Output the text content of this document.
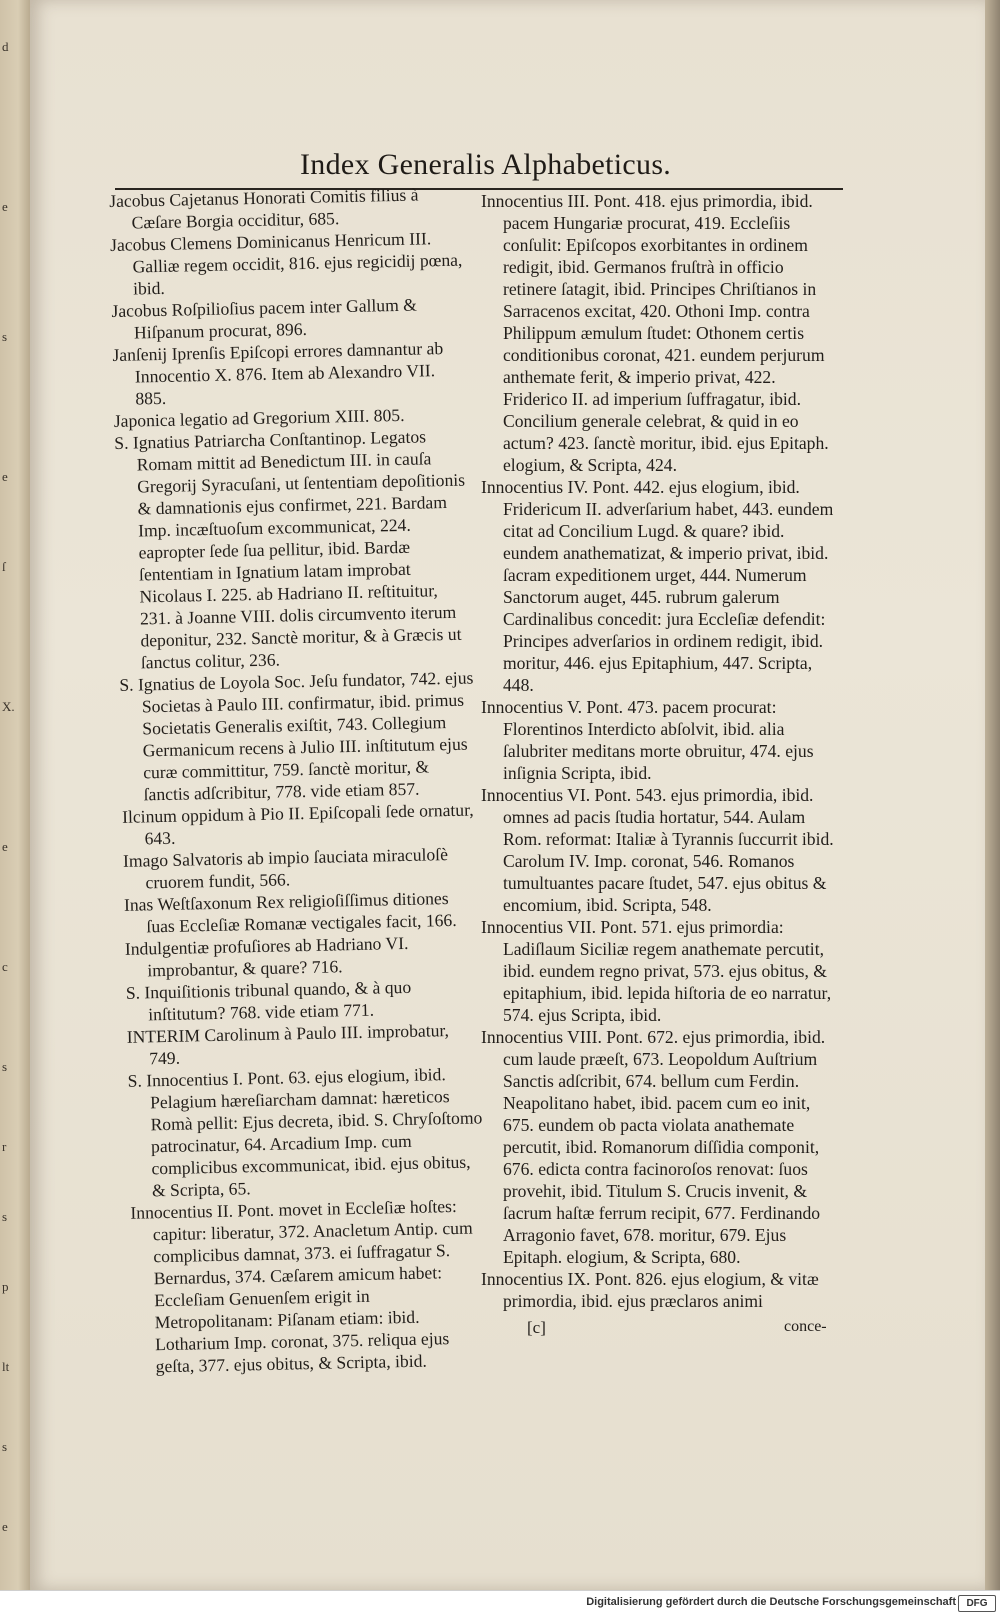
d
e
s
e
ſ
X.
e
c
s
r
s
p
lt
s
e
Index Generalis Alphabeticus.

Jacobus Cajetanus Honorati Comitis filius à Cæſare Borgia occiditur, 685.

Jacobus Clemens Dominicanus Henricum III. Galliæ regem occidit, 816. ejus regicidij pœna, ibid.

Jacobus Roſpilioſius pacem inter Gallum & Hiſpanum procurat, 896.

Janſenij Iprenſis Epiſcopi errores damnantur ab Innocentio X. 876. Item ab Alexandro VII. 885.

Japonica legatio ad Gregorium XIII. 805.

S. Ignatius Patriarcha Conſtantinop. Legatos Romam mittit ad Benedictum III. in cauſa Gregorij Syracuſani, ut ſententiam depoſitionis & damnationis ejus confirmet, 221. Bardam Imp. incæſtuoſum excommunicat, 224. eapropter ſede ſua pellitur, ibid. Bardæ ſententiam in Ignatium latam improbat Nicolaus I. 225. ab Hadriano II. reſtituitur, 231. à Joanne VIII. dolis circumvento iterum deponitur, 232. Sanctè moritur, & à Græcis ut ſanctus colitur, 236.

S. Ignatius de Loyola Soc. Jeſu fundator, 742. ejus Societas à Paulo III. confirmatur, ibid. primus Societatis Generalis exiſtit, 743. Collegium Germanicum recens à Julio III. inſtitutum ejus curæ committitur, 759. ſanctè moritur, & ſanctis adſcribitur, 778. vide etiam 857.

Ilcinum oppidum à Pio II. Epiſcopali ſede ornatur, 643.

Imago Salvatoris ab impio ſauciata miraculoſè cruorem fundit, 566.

Inas Weſtſaxonum Rex religioſiſſimus ditiones ſuas Eccleſiæ Romanæ vectigales facit, 166.

Indulgentiæ profuſiores ab Hadriano VI. improbantur, & quare? 716.

S. Inquiſitionis tribunal quando, & à quo inſtitutum? 768. vide etiam 771.

INTERIM Carolinum à Paulo III. improbatur, 749.

S. Innocentius I. Pont. 63. ejus elogium, ibid. Pelagium hæreſiarcham damnat: hæreticos Romà pellit: Ejus decreta, ibid. S. Chryſoſtomo patrocinatur, 64. Arcadium Imp. cum complicibus excommunicat, ibid. ejus obitus, & Scripta, 65.

Innocentius II. Pont. movet in Eccleſiæ hoſtes: capitur: liberatur, 372. Anacletum Antip. cum complicibus damnat, 373. ei ſuffragatur S. Bernardus, 374. Cæſarem amicum habet: Eccleſiam Genuenſem erigit in Metropolitanam: Piſanam etiam: ibid. Lotharium Imp. coronat, 375. reliqua ejus geſta, 377. ejus obitus, & Scripta, ibid.

Innocentius III. Pont. 418. ejus primordia, ibid. pacem Hungariæ procurat, 419. Eccleſiis conſulit: Epiſcopos exorbitantes in ordinem redigit, ibid. Germanos fruſtrà in officio retinere ſatagit, ibid. Principes Chriſtianos in Sarracenos excitat, 420. Othoni Imp. contra Philippum æmulum ſtudet: Othonem certis conditionibus coronat, 421. eundem perjurum anthemate ferit, & imperio privat, 422. Friderico II. ad imperium ſuffragatur, ibid. Concilium generale celebrat, & quid in eo actum? 423. ſanctè moritur, ibid. ejus Epitaph. elogium, & Scripta, 424.

Innocentius IV. Pont. 442. ejus elogium, ibid. Fridericum II. adverſarium habet, 443. eundem citat ad Concilium Lugd. & quare? ibid. eundem anathematizat, & imperio privat, ibid. ſacram expeditionem urget, 444. Numerum Sanctorum auget, 445. rubrum galerum Cardinalibus concedit: jura Eccleſiæ defendit: Principes adverſarios in ordinem redigit, ibid. moritur, 446. ejus Epitaphium, 447. Scripta, 448.

Innocentius V. Pont. 473. pacem procurat: Florentinos Interdicto abſolvit, ibid. alia ſalubriter meditans morte obruitur, 474. ejus inſignia Scripta, ibid.

Innocentius VI. Pont. 543. ejus primordia, ibid. omnes ad pacis ſtudia hortatur, 544. Aulam Rom. reformat: Italiæ à Tyrannis ſuccurrit ibid. Carolum IV. Imp. coronat, 546. Romanos tumultuantes pacare ſtudet, 547. ejus obitus & encomium, ibid. Scripta, 548.

Innocentius VII. Pont. 571. ejus primordia: Ladiſlaum Siciliæ regem anathemate percutit, ibid. eundem regno privat, 573. ejus obitus, & epitaphium, ibid. lepida hiſtoria de eo narratur, 574. ejus Scripta, ibid.

Innocentius VIII. Pont. 672. ejus primordia, ibid. cum laude præeſt, 673. Leopoldum Auſtrium Sanctis adſcribit, 674. bellum cum Ferdin. Neapolitano habet, ibid. pacem cum eo init, 675. eundem ob pacta violata anathemate percutit, ibid. Romanorum diſſidia componit, 676. edicta contra facinoroſos renovat: ſuos provehit, ibid. Titulum S. Crucis invenit, & ſacrum haſtæ ferrum recipit, 677. Ferdinando Arragonio favet, 678. moritur, 679. Ejus Epitaph. elogium, & Scripta, 680.

Innocentius IX. Pont. 826. ejus elogium, & vitæ primordia, ibid. ejus præclaros animi

[c]	conce-
Digitalisierung gefördert durch die Deutsche Forschungsgemeinschaft	DFG
